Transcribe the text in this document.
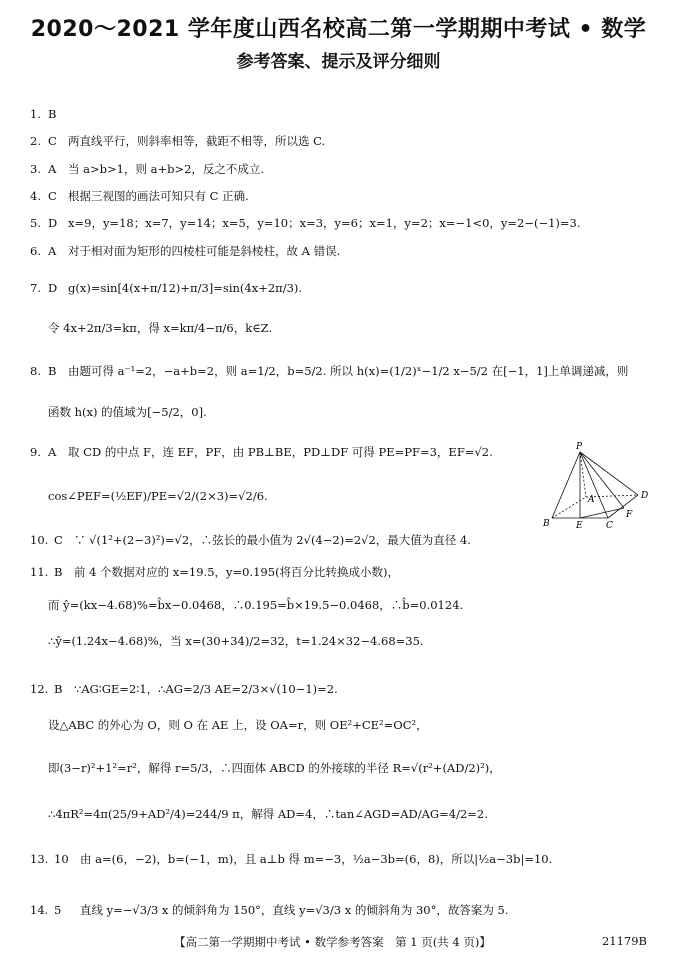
2020～2021 学年度山西名校高二第一学期期中考试 • 数学
参考答案、提示及评分细则
1. B
2. C 两直线平行，则斜率相等，截距不相等，所以选 C.
3. A 当 a>b>1，则 a+b>2，反之不成立.
4. C 根据三视图的画法可知只有 C 正确.
5. D x=9，y=18；x=7，y=14；x=5，y=10；x=3，y=6；x=1，y=2；x=−1<0，y=2−(−1)=3.
6. A 对于相对面为矩形的四棱柱可能是斜棱柱，故 A 错误.
7. D g(x)=sin[4(x+π/12)+π/3]=sin(4x+2π/3).
令 4x+2π/3=kπ，得 x=kπ/4−π/6，k∈Z.
8. B 由题可得 a⁻¹=2，−a+b=2，则 a=1/2，b=5/2. 所以 h(x)=(1/2)ˣ−1/2 x−5/2 在[−1，1]上单调递减，则
函数 h(x) 的值域为[−5/2，0].
9. A 取 CD 的中点 F，连 EF，PF，由 PB⊥BE，PD⊥DF 可得 PE=PF=3，EF=√2.
cos∠PEF=(½EF)/PE=√2/(2×3)=√2/6.
10. C ∵ √(1²+(2−3)²)=√2，∴弦长的最小值为 2√(4−2)=2√2，最大值为直径 4.
11. B 前 4 个数据对应的 x=19.5，y=0.195(将百分比转换成小数)，
而 ŷ=(kx−4.68)%=b̂x−0.0468，∴0.195=b̂×19.5−0.0468，∴b̂=0.0124.
∴ŷ=(1.24x−4.68)%，当 x=(30+34)/2=32，t=1.24×32−4.68=35.
12. B ∵AG∶GE=2∶1，∴AG=2/3 AE=2/3×√(10−1)=2.
设△ABC 的外心为 O，则 O 在 AE 上，设 OA=r，则 OE²+CE²=OC²，
即(3−r)²+1²=r²，解得 r=5/3，∴四面体 ABCD 的外接球的半径 R=√(r²+(AD/2)²)，
∴4πR²=4π(25/9+AD²/4)=244/9 π，解得 AD=4，∴tan∠AGD=AD/AG=4/2=2.
13. 10 由 a=(6，−2)，b=(−1，m)，且 a⊥b 得 m=−3，½a−3b=(6，8)，所以|½a−3b|=10.
14. 5 直线 y=−√3/3 x 的倾斜角为 150°，直线 y=√3/3 x 的倾斜角为 30°，故答案为 5.
P
D
A
B	E	C
F
【高二第一学期期中考试 • 数学参考答案　第 1 页(共 4 页)】	21179B
